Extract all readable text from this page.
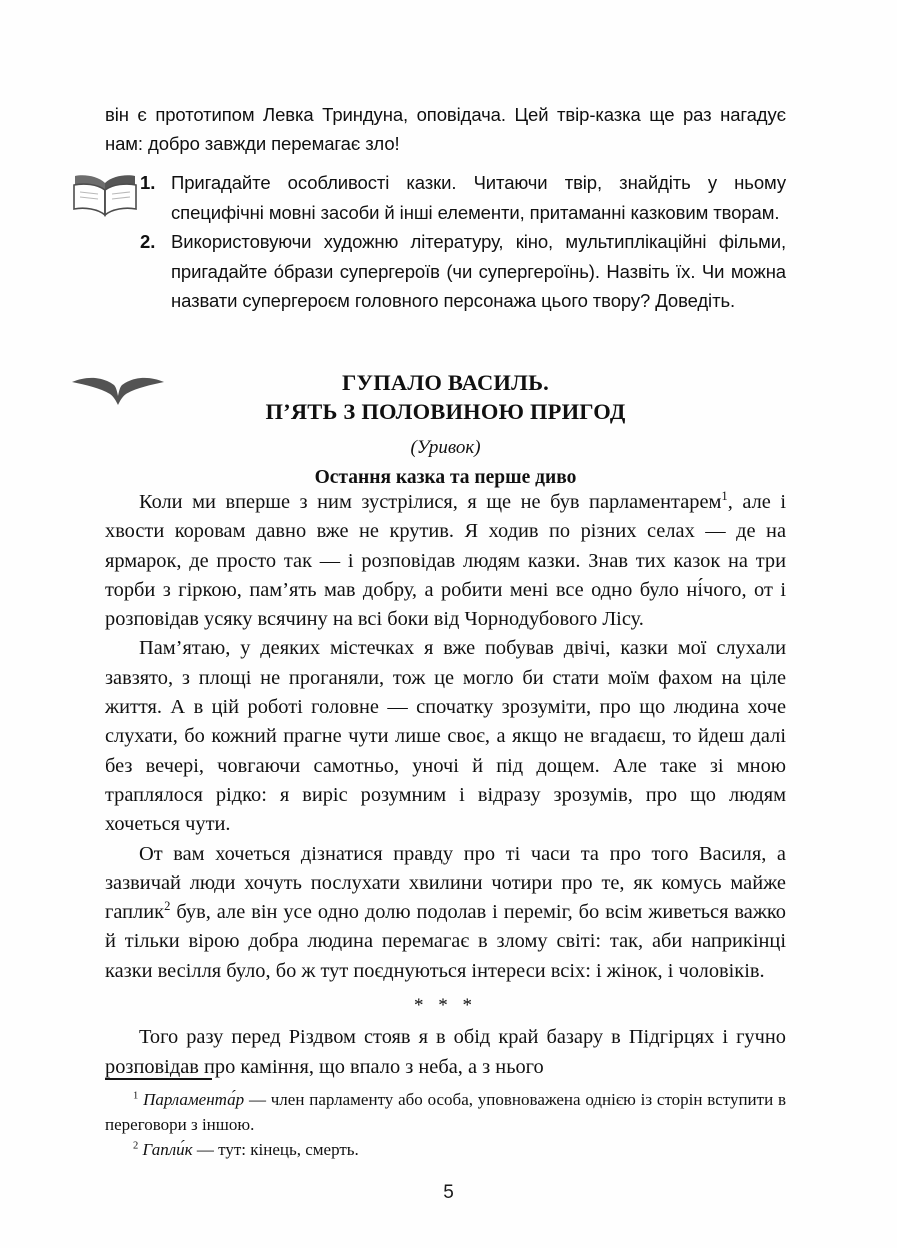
він є прототипом Левка Триндуна, оповідача. Цей твір-казка ще раз нагадує нам: добро завжди перемагає зло!

1. Пригадайте особливості казки. Читаючи твір, знайдіть у ньому специфічні мовні засоби й інші елементи, притаманні казковим творам.
2. Використовуючи художню літературу, кіно, мультиплікаційні фільми, пригадайте о́брази супергероїв (чи супергероїнь). Назвіть їх. Чи можна назвати супергероєм головного персонажа цього твору? Доведіть.
ГУПАЛО ВАСИЛЬ.
П’ЯТЬ З ПОЛОВИНОЮ ПРИГОД

(Уривок)

Остання казка та перше диво

Коли ми вперше з ним зустрілися, я ще не був парламентарем$^1$, але і хвости коровам давно вже не крутив. Я ходив по різних селах — де на ярмарок, де просто так — і розповідав людям казки. Знав тих казок на три торби з гіркою, пам’ять мав добру, а робити мені все одно було ні́чого, от і розповідав усяку всячину на всі боки від Чорнодубового Лісу.

Пам’ятаю, у деяких містечках я вже побував двічі, казки мої слухали завзято, з площі не проганяли, тож це могло би стати моїм фахом на ціле життя. А в цій роботі головне — спочатку зрозуміти, про що людина хоче слухати, бо кожний прагне чути лише своє, а якщо не вгадаєш, то йдеш далі без вечері, човгаючи самотньо, уночі й під дощем. Але таке зі мною траплялося рідко: я виріс розумним і відразу зрозумів, про що людям хочеться чути.

От вам хочеться дізнатися правду про ті часи та про того Василя, а зазвичай люди хочуть послухати хвилини чотири про те, як комусь майже гаплик$^2$ був, але він усе одно долю подолав і переміг, бо всім живеться важко й тільки вірою добра людина перемагає в злому світі: так, аби наприкінці казки весілля було, бо ж тут поєднуються інтереси всіх: і жінок, і чоловіків.

* * *

Того разу перед Різдвом стояв я в обід край базару в Підгірцях і гучно розповідав про каміння, що впало з неба, а з нього

$^1$ Парламента́р — член парламенту або особа, уповноважена однією із сторін вступити в переговори з іншою.

$^2$ Гапли́к — тут: кінець, смерть.

5
